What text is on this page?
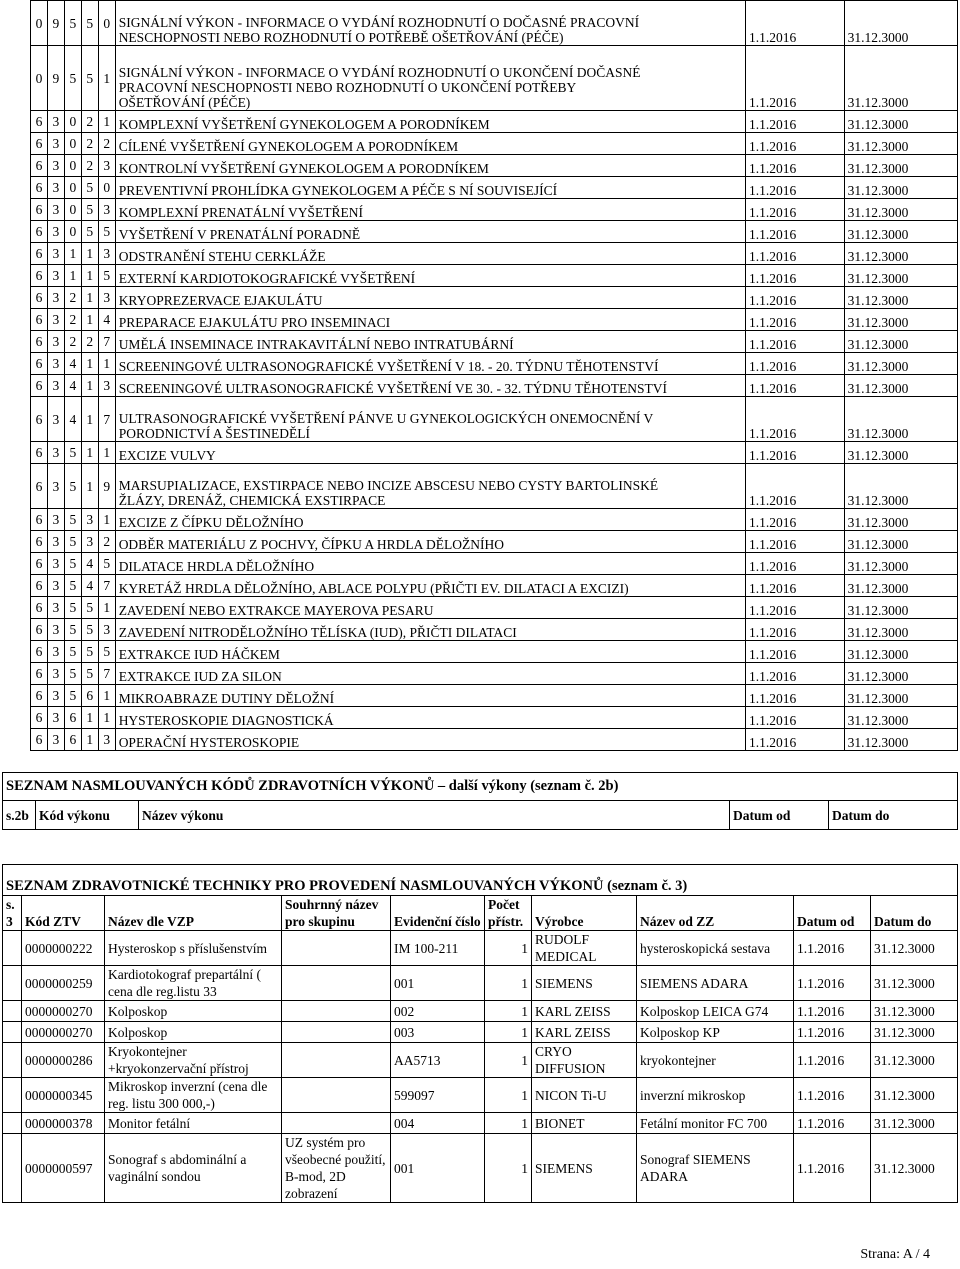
0	9	5	5	0	SIGNÁLNÍ VÝKON - INFORMACE O VYDÁNÍ ROZHODNUTÍ O DOČASNÉ PRACOVNÍ
NESCHOPNOSTI NEBO ROZHODNUTÍ O POTŘEBĚ OŠETŘOVÁNÍ (PÉČE)	1.1.2016	31.12.3000
0	9	5	5	1	SIGNÁLNÍ VÝKON - INFORMACE O VYDÁNÍ ROZHODNUTÍ O UKONČENÍ DOČASNÉ
PRACOVNÍ NESCHOPNOSTI NEBO ROZHODNUTÍ O UKONČENÍ POTŘEBY
OŠETŘOVÁNÍ (PÉČE)	1.1.2016	31.12.3000
6	3	0	2	1	KOMPLEXNÍ VYŠETŘENÍ GYNEKOLOGEM A PORODNÍKEM	1.1.2016	31.12.3000
6	3	0	2	2	CÍLENÉ VYŠETŘENÍ GYNEKOLOGEM A PORODNÍKEM	1.1.2016	31.12.3000
6	3	0	2	3	KONTROLNÍ VYŠETŘENÍ GYNEKOLOGEM A PORODNÍKEM	1.1.2016	31.12.3000
6	3	0	5	0	PREVENTIVNÍ PROHLÍDKA GYNEKOLOGEM A PÉČE S NÍ SOUVISEJÍCÍ	1.1.2016	31.12.3000
6	3	0	5	3	KOMPLEXNÍ PRENATÁLNÍ VYŠETŘENÍ	1.1.2016	31.12.3000
6	3	0	5	5	VYŠETŘENÍ V PRENATÁLNÍ PORADNĚ	1.1.2016	31.12.3000
6	3	1	1	3	ODSTRANĚNÍ STEHU CERKLÁŽE	1.1.2016	31.12.3000
6	3	1	1	5	EXTERNÍ KARDIOTOKOGRAFICKÉ VYŠETŘENÍ	1.1.2016	31.12.3000
6	3	2	1	3	KRYOPREZERVACE EJAKULÁTU	1.1.2016	31.12.3000
6	3	2	1	4	PREPARACE EJAKULÁTU PRO INSEMINACI	1.1.2016	31.12.3000
6	3	2	2	7	UMĚLÁ INSEMINACE INTRAKAVITÁLNÍ NEBO INTRATUBÁRNÍ	1.1.2016	31.12.3000
6	3	4	1	1	SCREENINGOVÉ ULTRASONOGRAFICKÉ VYŠETŘENÍ V 18. - 20. TÝDNU TĚHOTENSTVÍ	1.1.2016	31.12.3000
6	3	4	1	3	SCREENINGOVÉ ULTRASONOGRAFICKÉ VYŠETŘENÍ VE 30. - 32. TÝDNU TĚHOTENSTVÍ	1.1.2016	31.12.3000
6	3	4	1	7	ULTRASONOGRAFICKÉ VYŠETŘENÍ PÁNVE U GYNEKOLOGICKÝCH ONEMOCNĚNÍ V
PORODNICTVÍ A ŠESTINEDĚLÍ	1.1.2016	31.12.3000
6	3	5	1	1	EXCIZE VULVY	1.1.2016	31.12.3000
6	3	5	1	9	MARSUPIALIZACE, EXSTIRPACE NEBO INCIZE ABSCESU NEBO CYSTY BARTOLINSKÉ
ŽLÁZY, DRENÁŽ, CHEMICKÁ EXSTIRPACE	1.1.2016	31.12.3000
6	3	5	3	1	EXCIZE Z ČÍPKU DĚLOŽNÍHO	1.1.2016	31.12.3000
6	3	5	3	2	ODBĚR MATERIÁLU Z POCHVY, ČÍPKU A HRDLA DĚLOŽNÍHO	1.1.2016	31.12.3000
6	3	5	4	5	DILATACE HRDLA DĚLOŽNÍHO	1.1.2016	31.12.3000
6	3	5	4	7	KYRETÁŽ HRDLA DĚLOŽNÍHO, ABLACE POLYPU (PŘIČTI EV. DILATACI A EXCIZI)	1.1.2016	31.12.3000
6	3	5	5	1	ZAVEDENÍ NEBO EXTRAKCE MAYEROVA PESARU	1.1.2016	31.12.3000
6	3	5	5	3	ZAVEDENÍ NITRODĚLOŽNÍHO TĚLÍSKA (IUD), PŘIČTI DILATACI	1.1.2016	31.12.3000
6	3	5	5	5	EXTRAKCE IUD HÁČKEM	1.1.2016	31.12.3000
6	3	5	5	7	EXTRAKCE IUD ZA SILON	1.1.2016	31.12.3000
6	3	5	6	1	MIKROABRAZE DUTINY DĚLOŽNÍ	1.1.2016	31.12.3000
6	3	6	1	1	HYSTEROSKOPIE DIAGNOSTICKÁ	1.1.2016	31.12.3000
6	3	6	1	3	OPERAČNÍ HYSTEROSKOPIE	1.1.2016	31.12.3000
SEZNAM NASMLOUVANÝCH KÓDŮ ZDRAVOTNÍCH VÝKONŮ – další výkony (seznam č. 2b)
s.2b	Kód výkonu	Název výkonu	Datum od	Datum do
SEZNAM ZDRAVOTNICKÉ TECHNIKY PRO PROVEDENÍ NASMLOUVANÝCH VÝKONŮ (seznam č. 3)									
s. 3	Kód ZTV	Název dle VZP	Souhrnný název pro skupinu	Evidenční číslo	Počet přístr.	Výrobce	Název od ZZ	Datum od	Datum do
	0000000222	Hysteroskop s příslušenstvím		IM 100-211	1	RUDOLF MEDICAL	hysteroskopická sestava	1.1.2016	31.12.3000
	0000000259	Kardiotokograf prepartální ( cena dle reg.listu 33		001	1	SIEMENS	SIEMENS ADARA	1.1.2016	31.12.3000
	0000000270	Kolposkop		002	1	KARL ZEISS	Kolposkop LEICA G74	1.1.2016	31.12.3000
	0000000270	Kolposkop		003	1	KARL ZEISS	Kolposkop KP	1.1.2016	31.12.3000
	0000000286	Kryokontejner +kryokonzervační přístroj		AA5713	1	CRYO DIFFUSION	kryokontejner	1.1.2016	31.12.3000
	0000000345	Mikroskop inverzní (cena dle reg. listu 300 000,-)		599097	1	NICON Ti-U	inverzní mikroskop	1.1.2016	31.12.3000
	0000000378	Monitor fetální		004	1	BIONET	Fetální monitor FC 700	1.1.2016	31.12.3000
	0000000597	Sonograf s abdominální a vaginální sondou	UZ systém pro všeobecné použití, B-mod, 2D zobrazení	001	1	SIEMENS	Sonograf SIEMENS ADARA	1.1.2016	31.12.3000
Strana: A / 4
